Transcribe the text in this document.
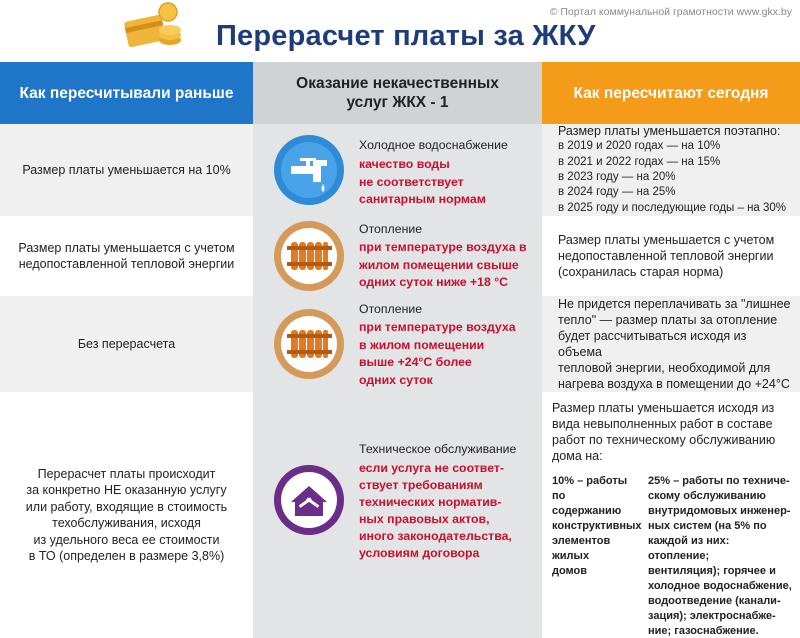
© Портал коммунальной грамотности www.gkx.by
Перерасчет платы за ЖКУ
Как пересчитывали раньше
Оказание некачественных
услуг ЖКХ - 1
Как пересчитают сегодня
Размер платы уменьшается на 10%
Холодное водоснабжение
качество воды
не соответствует
санитарным нормам
Размер платы уменьшается поэтапно:
в 2019 и 2020 годах — на 10%
в 2021 и 2022 годах — на 15%
в 2023 году — на 20%
в 2024 году — на 25%
в 2025 году и последующие годы – на 30%
Размер платы уменьшается с учетом недопоставленной тепловой энергии
Отопление
при температуре воздуха в
жилом помещении свыше
одних суток ниже +18 °С
Размер платы уменьшается с учетом
недопоставленной тепловой энергии
(сохранилась старая норма)
Без перерасчета
Отопление
при температуре воздуха
в жилом помещении
выше +24°С более
одних суток
Не придется переплачивать за "лишнее
тепло" — размер платы за отопление
будет рассчитываться исходя из объема
тепловой энергии, необходимой для
нагрева воздуха в помещении до +24°С
Перерасчет платы происходит
за конкретно НЕ оказанную услугу
или работу, входящие в стоимость
техобслуживания, исходя
из удельного веса ее стоимости
в ТО (определен в размере 3,8%)
Техническое обслуживание
если услуга не соответ-
ствует требованиям
технических норматив-
ных правовых актов,
иного законодательства,
условиям договора
Размер платы уменьшается исходя из
вида невыполненных работ в составе
работ по техническому обслуживанию
дома на:
10% – работы по
содержанию
конструктивных
элементов жилых
домов
25% – работы по техниче-
скому обслуживанию
внутридомовых инженер-
ных систем (на 5% по
каждой из них: отопление;
вентиляция); горячее и
холодное водоснабжение,
водоотведение (канали-
зация); электроснабже-
ние; газоснабжение.
